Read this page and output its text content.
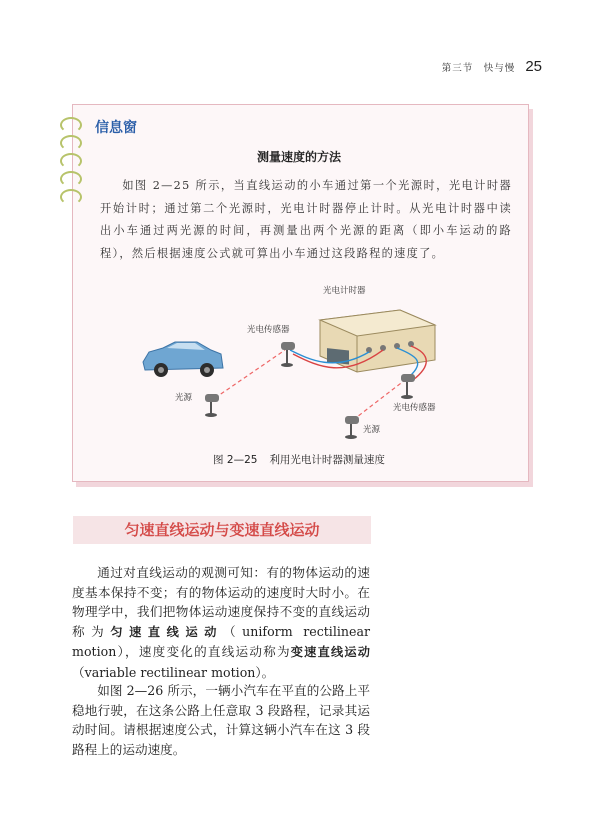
第三节　快与慢 25
信息窗
测量速度的方法

如图 2—25 所示，当直线运动的小车通过第一个光源时，光电计时器开始计时；通过第二个光源时，光电计时器停止计时。从光电计时器中读出小车通过两光源的时间，再测量出两个光源的距离（即小车运动的路程），然后根据速度公式就可算出小车通过这段路程的速度了。

光电计时器
光电传感器
光电传感器
光源
光源
图 2—25 利用光电计时器测量速度
匀速直线运动与变速直线运动

通过对直线运动的观测可知：有的物体运动的速度基本保持不变；有的物体运动的速度时大时小。在物理学中，我们把物体运动速度保持不变的直线运动称为匀速直线运动（uniform rectilinear motion），速度变化的直线运动称为变速直线运动（variable rectilinear motion）。

如图 2—26 所示，一辆小汽车在平直的公路上平稳地行驶，在这条公路上任意取 3 段路程，记录其运动时间。请根据速度公式，计算这辆小汽车在这 3 段路程上的运动速度。
